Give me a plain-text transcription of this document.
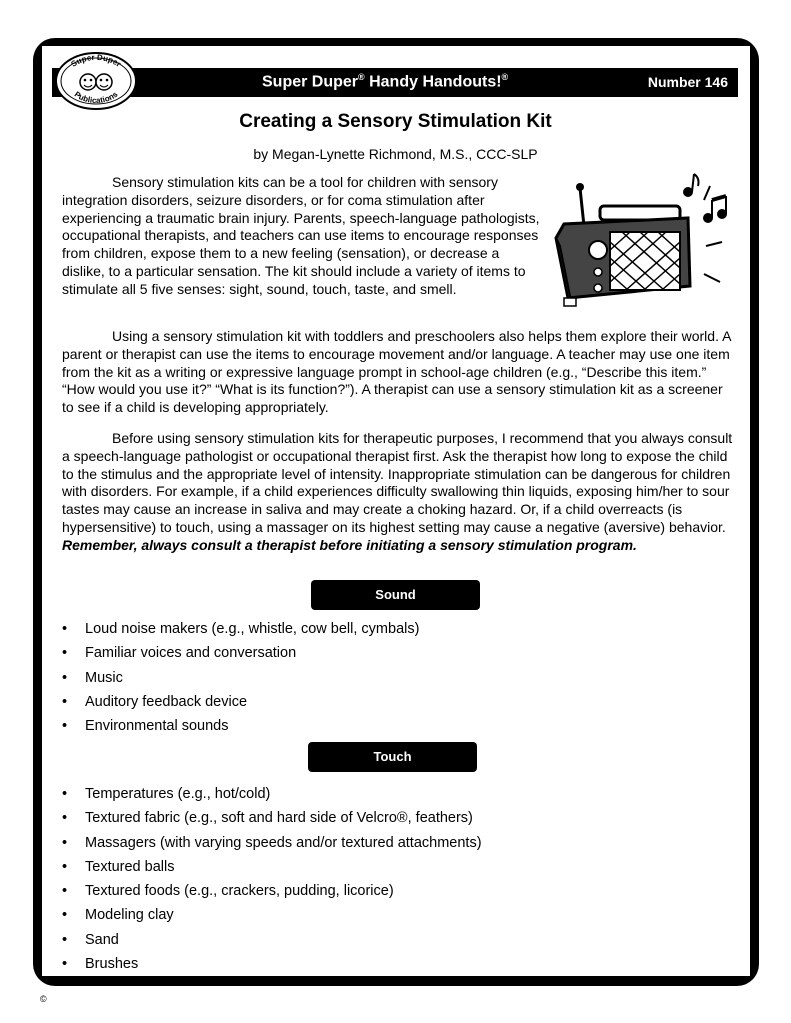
Super Duper® Handy Handouts!®	Number 146
Super Duper
Publications
Creating a Sensory Stimulation Kit
by Megan-Lynette Richmond, M.S., CCC-SLP

Sensory stimulation kits can be a tool for children with sensory integration disorders, seizure disorders, or for coma stimulation after experiencing a traumatic brain injury. Parents, speech-language pathologists, occupational therapists, and teachers can use items to encourage responses from children, expose them to a new feeling (sensation), or decrease a dislike, to a particular sensation. The kit should include a variety of items to stimulate all 5 five senses: sight, sound, touch, taste, and smell.

Using a sensory stimulation kit with toddlers and preschoolers also helps them explore their world. A parent or therapist can use the items to encourage movement and/or language. A teacher may use one item from the kit as a writing or expressive language prompt in school-age children (e.g., “Describe this item.” “How would you use it?” “What is its function?”). A therapist can use a sensory stimulation kit as a screener to see if a child is developing appropriately.

Before using sensory stimulation kits for therapeutic purposes, I recommend that you always consult a speech-language pathologist or occupational therapist first. Ask the therapist how long to expose the child to the stimulus and the appropriate level of intensity. Inappropriate stimulation can be dangerous for children with disorders. For example, if a child experiences difficulty swallowing thin liquids, exposing him/her to sour tastes may cause an increase in saliva and may create a choking hazard. Or, if a child overreacts (is hypersensitive) to touch, using a massager on its highest setting may cause a negative (aversive) behavior. Remember, always consult a therapist before initiating a sensory stimulation program.

Sound
• Loud noise makers (e.g., whistle, cow bell, cymbals)
• Familiar voices and conversation
• Music
• Auditory feedback device
• Environmental sounds
Touch
• Temperatures (e.g., hot/cold)
• Textured fabric (e.g., soft and hard side of Velcro®, feathers)
• Massagers (with varying speeds and/or textured attachments)
• Textured balls
• Textured foods (e.g., crackers, pudding, licorice)
• Modeling clay
• Sand
• Brushes
©
